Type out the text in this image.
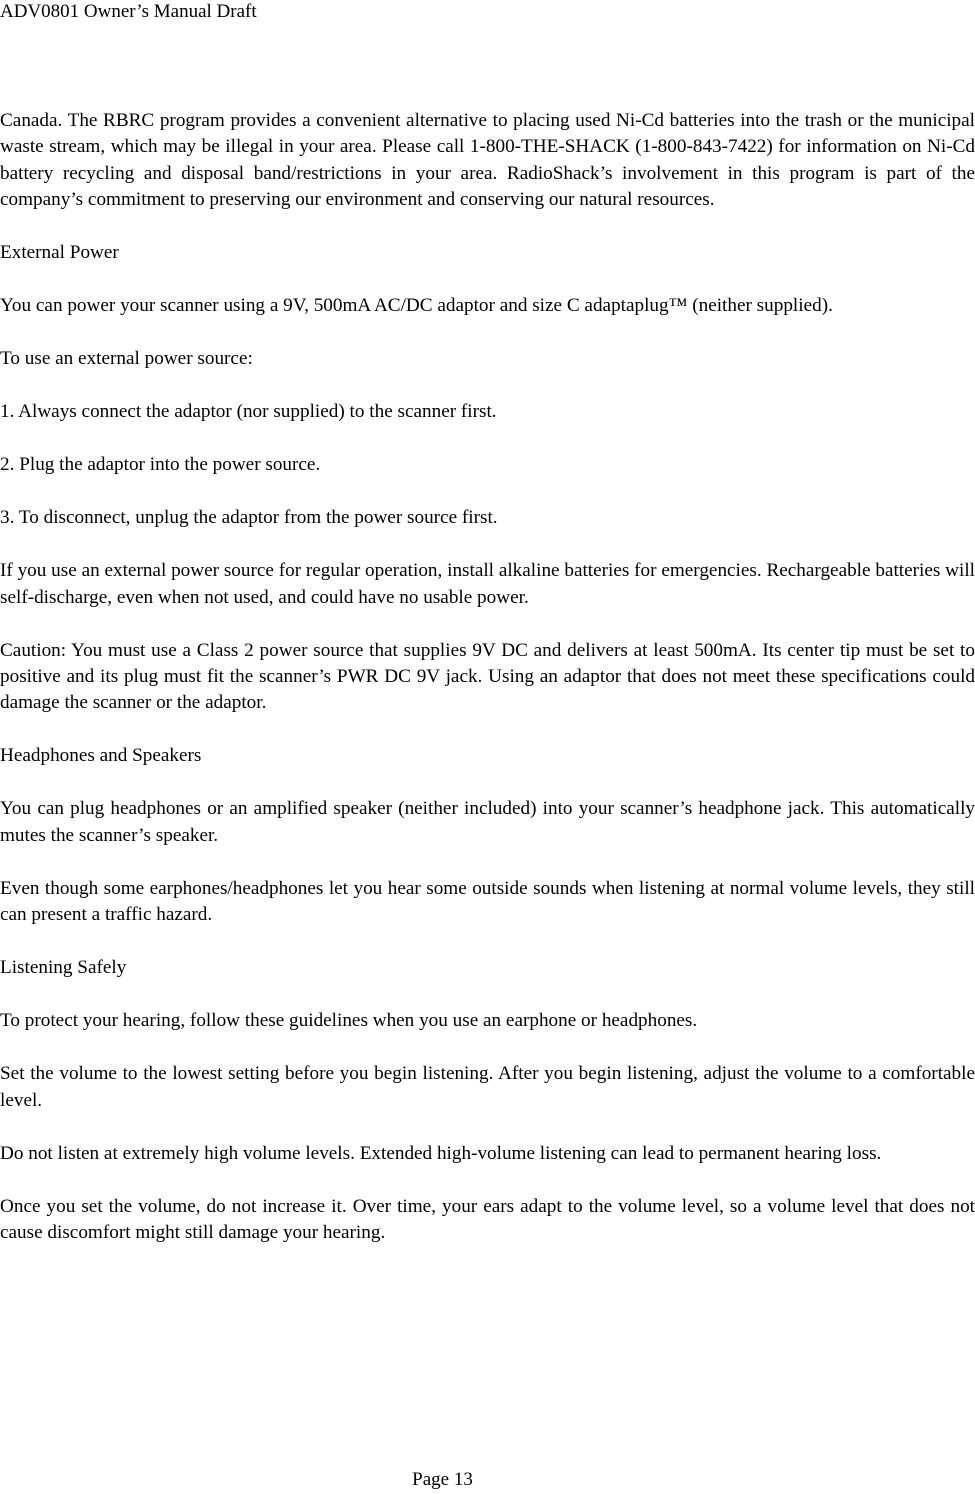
ADV0801 Owner’s Manual Draft

Canada. The RBRC program provides a convenient alternative to placing used Ni-Cd batteries into the trash or the municipal waste stream, which may be illegal in your area. Please call 1-800-THE-SHACK (1-800-843-7422) for information on Ni-Cd battery recycling and disposal band/restrictions in your area. RadioShack’s involvement in this program is part of the company’s commitment to preserving our environment and conserving our natural resources.

External Power

You can power your scanner using a 9V, 500mA AC/DC adaptor and size C adaptaplug™ (neither supplied).

To use an external power source:

1. Always connect the adaptor (nor supplied) to the scanner first.

2. Plug the adaptor into the power source.

3. To disconnect, unplug the adaptor from the power source first.

If you use an external power source for regular operation, install alkaline batteries for emergencies. Rechargeable batteries will self-discharge, even when not used, and could have no usable power.

Caution: You must use a Class 2 power source that supplies 9V DC and delivers at least 500mA. Its center tip must be set to positive and its plug must fit the scanner’s PWR DC 9V jack. Using an adaptor that does not meet these specifications could damage the scanner or the adaptor.

Headphones and Speakers

You can plug headphones or an amplified speaker (neither included) into your scanner’s headphone jack. This automatically mutes the scanner’s speaker.

Even though some earphones/headphones let you hear some outside sounds when listening at normal volume levels, they still can present a traffic hazard.

Listening Safely

To protect your hearing, follow these guidelines when you use an earphone or headphones.

Set the volume to the lowest setting before you begin listening. After you begin listening, adjust the volume to a comfortable level.

Do not listen at extremely high volume levels. Extended high-volume listening can lead to permanent hearing loss.

Once you set the volume, do not increase it. Over time, your ears adapt to the volume level, so a volume level that does not cause discomfort might still damage your hearing.

Page 13
